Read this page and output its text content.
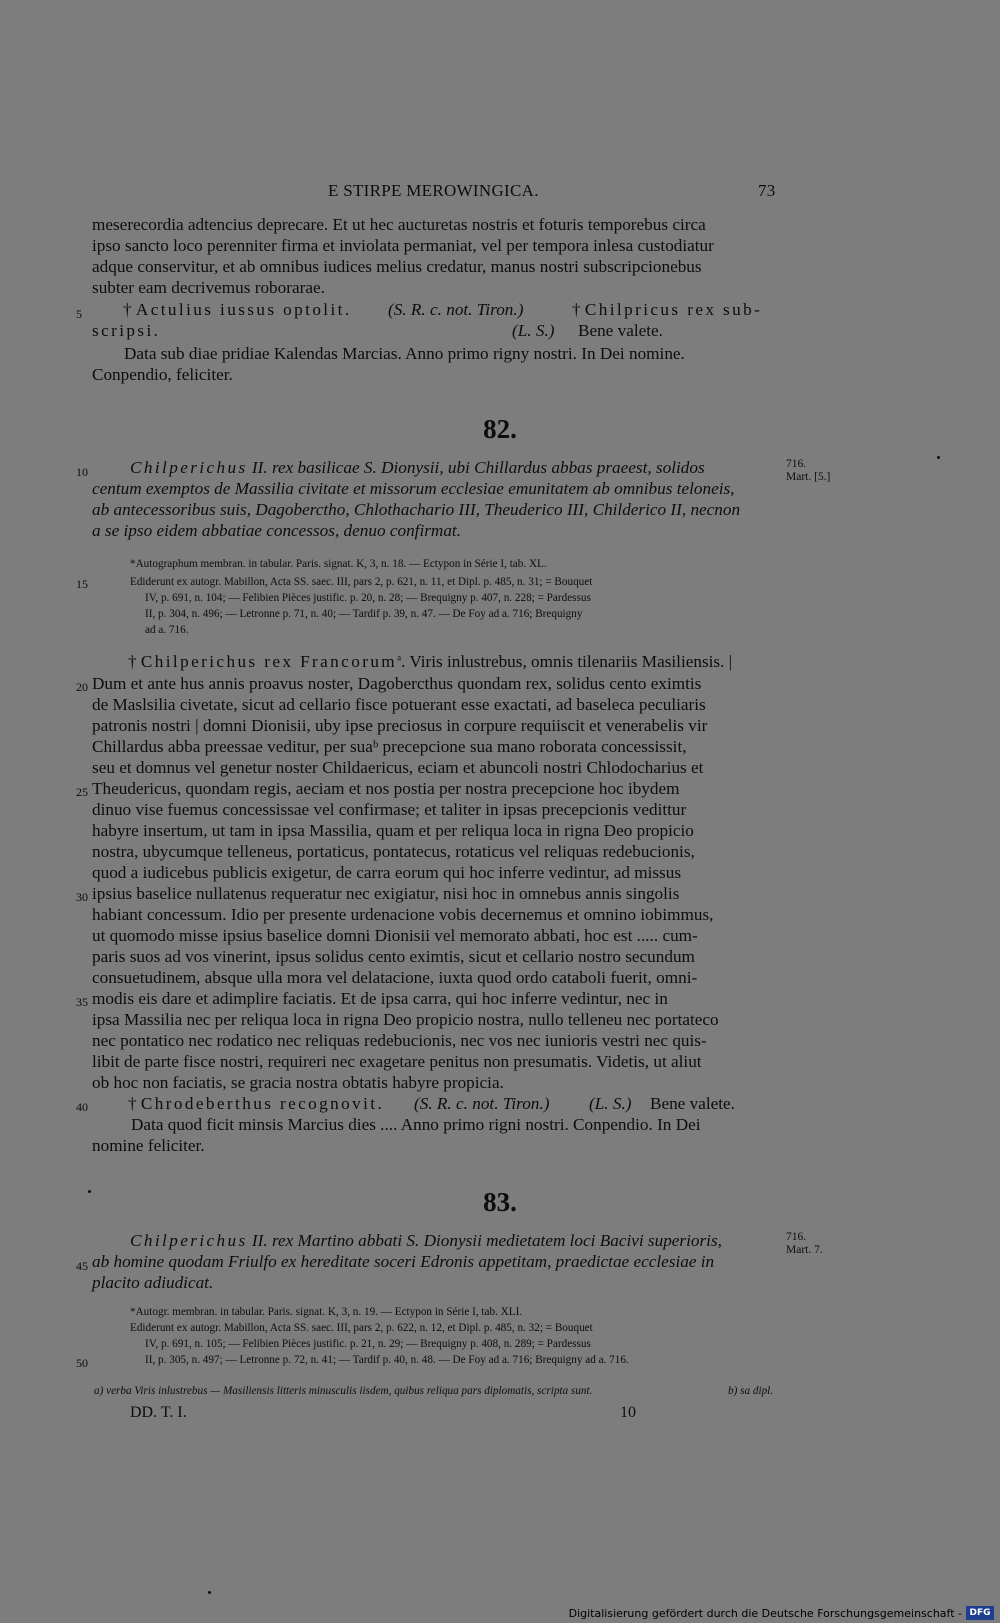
E STIRPE MEROWINGICA.	73
meserecordia adtencius deprecare. Et ut hec aucturetas nostris et foturis temporebus circa
ipso sancto loco perenniter firma et inviolata permaniat, vel per tempora inlesa custodiatur
adque conservitur, et ab omnibus iudices melius credatur, manus nostri subscripcionebus
subter eam decrivemus roborarae.
5 † Actulius iussus optolit. (S. R. c. not. Tiron.)	† Chilpricus rex sub-
scripsi.	(L. S.) Bene valete.
Data sub diae pridiae Kalendas Marcias. Anno primo rigny nostri. In Dei nomine.
Conpendio, feliciter.
82.
10 Chilperichus II. rex basilicae S. Dionysii, ubi Chillardus abbas praeest, solidos
centum exemptos de Massilia civitate et missorum ecclesiae emunitatem ab omnibus teloneis,
ab antecessoribus suis, Dagoberctho, Chlothachario III, Theuderico III, Childerico II, necnon
a se ipso eidem abbatiae concessos, denuo confirmat.
716.
Mart. [5.]
*Autographum membran. in tabular. Paris. signat. K, 3, n. 18. — Ectypon in Série I, tab. XL.
15	Ediderunt ex autogr. Mabillon, Acta SS. saec. III, pars 2, p. 621, n. 11, et Dipl. p. 485, n. 31; = Bouquet
IV, p. 691, n. 104; — Felibien Pièces justific. p. 20, n. 28; — Brequigny p. 407, n. 228; = Pardessus
II, p. 304, n. 496; — Letronne p. 71, n. 40; — Tardif p. 39, n. 47. — De Foy ad a. 716; Brequigny
ad a. 716.
† Chilperichus rex Francorum$^a$. Viris inlustrebus, omnis tilenariis Masiliensis. |
Dum et ante hus annis proavus noster, Dagobercthus quondam rex, solidus cento eximtis
de Maslsilia civetate, sicut ad cellario fisce potuerant esse exactati, ad baseleca peculiaris
patronis nostri | domni Dionisii, uby ipse preciosus in corpure requiiscit et venerabelis vir
Chillardus abba preessae veditur, per suaᵇ precepcione sua mano roborata concessissit,
seu et domnus vel genetur noster Childaericus, eciam et abuncoli nostri Chlodocharius et
Theudericus, quondam regis, aeciam et nos postia per nostra precepcione hoc ibydem
dinuo vise fuemus concessissae vel confirmase; et taliter in ipsas precepcionis vedittur
habyre insertum, ut tam in ipsa Massilia, quam et per reliqua loca in rigna Deo propicio
nostra, ubycumque telleneus, portaticus, pontatecus, rotaticus vel reliquas redebucionis,
quod a iudicebus publicis exigetur, de carra eorum qui hoc inferre vedintur, ad missus
ipsius baselice nullatenus requeratur nec exigiatur, nisi hoc in omnebus annis singolis
habiant concessum. Idio per presente urdenacione vobis decernemus et omnino iobimmus,
ut quomodo misse ipsius baselice domni Dionisii vel memorato abbati, hoc est ..... cum-
paris suos ad vos vinerint, ipsus solidus cento eximtis, sicut et cellario nostro secundum
consuetudinem, absque ulla mora vel delatacione, iuxta quod ordo cataboli fuerit, omni-
modis eis dare et adimplire faciatis. Et de ipsa carra, qui hoc inferre vedintur, nec in
ipsa Massilia nec per reliqua loca in rigna Deo propicio nostra, nullo telleneu nec portateco
nec pontatico nec rodatico nec reliquas redebucionis, nec vos nec iunioris vestri nec quis-
libit de parte fisce nostri, requireri nec exagetare penitus non presumatis. Videtis, ut aliut
ob hoc non faciatis, se gracia nostra obtatis habyre propicia.
20
25
30
35
40 † Chrodeberthus recognovit. (S. R. c. not. Tiron.) (L. S.) Bene valete.
Data quod ficit minsis Marcius dies .... Anno primo rigni nostri. Conpendio. In Dei
nomine feliciter.
83.
Chilperichus II. rex Martino abbati S. Dionysii medietatem loci Bacivi superioris,
45 ab homine quodam Friulfo ex hereditate soceri Edronis appetitam, praedictae ecclesiae in
placito adiudicat.
716.
Mart. 7.
*Autogr. membran. in tabular. Paris. signat. K, 3, n. 19. — Ectypon in Série I, tab. XLI.
Ediderunt ex autogr. Mabillon, Acta SS. saec. III, pars 2, p. 622, n. 12, et Dipl. p. 485, n. 32; = Bouquet
IV, p. 691, n. 105; — Felibien Pièces justific. p. 21, n. 29; — Brequigny p. 408, n. 289; = Pardessus
50	II, p. 305, n. 497; — Letronne p. 72, n. 41; — Tardif p. 40, n. 48. — De Foy ad a. 716; Brequigny ad a. 716.
a) verba Viris inlustrebus — Masiliensis litteris minusculis iisdem, quibus reliqua pars diplomatis, scripta sunt.	b) sa dipl.
DD. T. I.	10
Digitalisierung gefördert durch die Deutsche Forschungsgemeinschaft - DFG
